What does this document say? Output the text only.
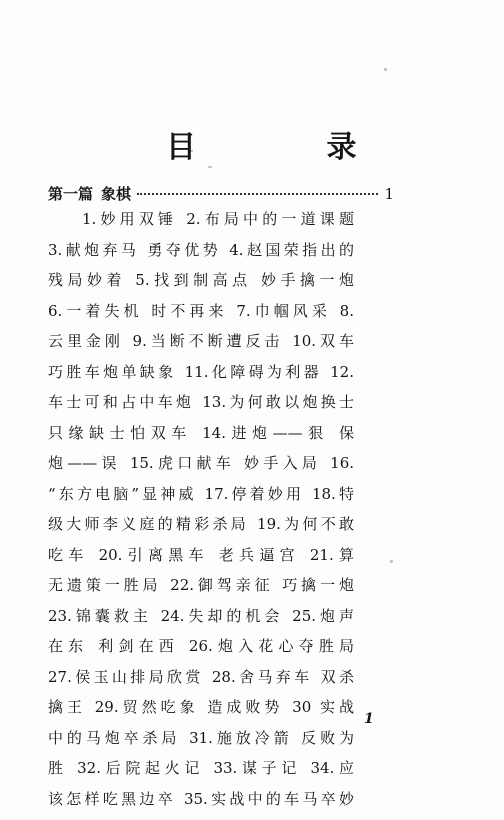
目 录
第一篇 象棋	1

1.妙用双锤 2.布局中的一道课题

3.献炮弃马 勇夺优势 4.赵国荣指出的

残局妙着 5.找到制高点 妙手擒一炮

6.一着失机 时不再来 7.巾帼风采 8.

云里金刚 9.当断不断遭反击 10.双车

巧胜车炮单缺象 11.化障碍为利器 12.

车士可和占中车炮 13.为何敢以炮换士

只缘缺士怕双车 14.进炮——狠 保

炮——误 15.虎口献车 妙手入局 16.

“东方电脑”显神威 17.停着妙用 18.特

级大师李义庭的精彩杀局 19.为何不敢

吃车 20.引离黑车 老兵逼宫 21.算

无遗策一胜局 22.御驾亲征 巧擒一炮

23.锦囊救主 24.失却的机会 25.炮声

在东 利剑在西 26.炮入花心夺胜局

27.侯玉山排局欣赏 28.舍马弃车 双杀

擒王 29.贸然吃象 造成败势 30 实战

中的马炮卒杀局 31.施放冷箭 反败为

胜 32.后院起火记 33.谋子记 34.应

该怎样吃黑边卒 35.实战中的车马卒妙

1
